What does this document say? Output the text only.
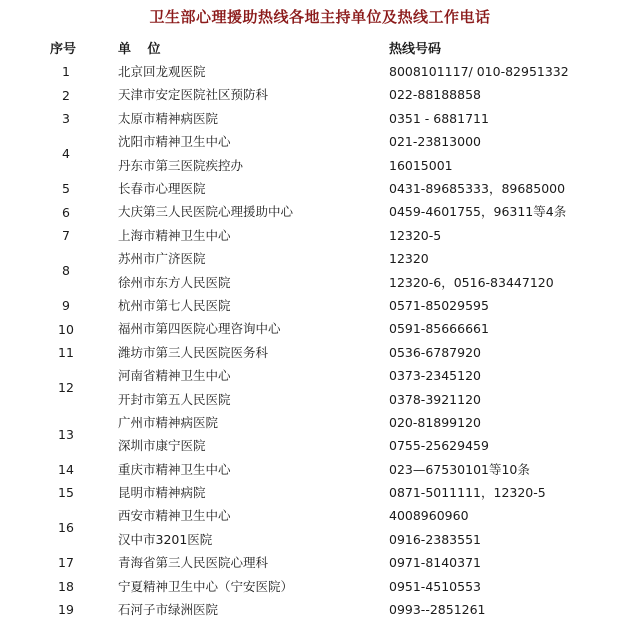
卫生部心理援助热线各地主持单位及热线工作电话
序号	单 位	热线号码
1	北京回龙观医院	8008101117/ 010-82951332
2	天津市安定医院社区预防科	022-88188858
3	太原市精神病医院	0351 - 6881711
4
沈阳市精神卫生中心	021-23813000
丹东市第三医院疾控办	16015001
5	长春市心理医院	0431-89685333，89685000
6	大庆第三人民医院心理援助中心	0459-4601755，96311等4条
7	上海市精神卫生中心	12320-5
8
苏州市广济医院	12320
徐州市东方人民医院	12320-6，0516-83447120
9	杭州市第七人民医院	0571-85029595
10	福州市第四医院心理咨询中心	0591-85666661
11	潍坊市第三人民医院医务科	0536-6787920
12
河南省精神卫生中心	0373-2345120
开封市第五人民医院	0378-3921120
13
广州市精神病医院	020-81899120
深圳市康宁医院	0755-25629459
14	重庆市精神卫生中心	023—67530101等10条
15	昆明市精神病院	0871-5011111，12320-5
16
西安市精神卫生中心	4008960960
汉中市3201医院	0916-2383551
17	青海省第三人民医院心理科	0971-8140371
18	宁夏精神卫生中心（宁安医院）	0951-4510553
19	石河子市绿洲医院	0993--2851261
